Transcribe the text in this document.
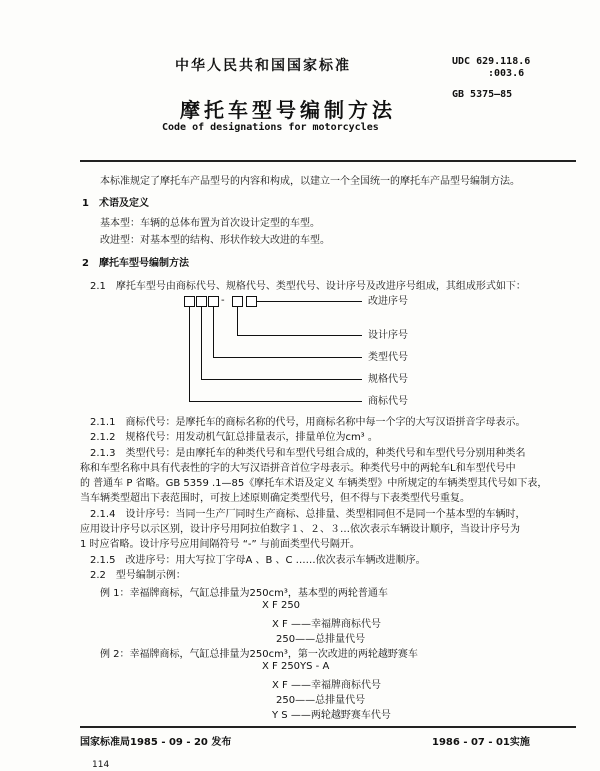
中华人民共和国国家标准	UDC 629.118.6
:003.6
GB 5375—85
摩托车型号编制方法
Code of designations for motorcycles
本标准规定了摩托车产品型号的内容和构成，以建立一个全国统一的摩托车产品型号编制方法。
1　术语及定义
基本型：车辆的总体布置为首次设计定型的车型。
改进型：对基本型的结构、形状作较大改进的车型。
2　摩托车型号编制方法
2.1　摩托车型号由商标代号、规格代号、类型代号、设计序号及改进序号组成，其组成形式如下：
-	改进序号
设计序号
类型代号
规格代号
商标代号
2.1.1　商标代号：是摩托车的商标名称的代号，用商标名称中每一个字的大写汉语拼音字母表示。
2.1.2　规格代号：用发动机气缸总排量表示，排量单位为cm³ 。
2.1.3　类型代号：是由摩托车的种类代号和车型代号组合成的，种类代号和车型代号分别用种类名
称和车型名称中具有代表性的字的大写汉语拼音首位字母表示。种类代号中的两轮车L和车型代号中
的 普通车 P 省略。GB 5359 .1—85《摩托车术语及定义 车辆类型》中所规定的车辆类型其代号如下表，
当车辆类型超出下表范围时，可按上述原则确定类型代号，但不得与下表类型代号重复。
2.1.4　设计序号：当同一生产厂同时生产商标、总排量、类型相同但不是同一个基本型的车辆时，
应用设计序号以示区别，设计序号用阿拉伯数字１、２、３…依次表示车辆设计顺序，当设计序号为
1 时应省略。设计序号应用间隔符号 “-” 与前面类型代号隔开。
2.1.5　改进序号：用大写拉丁字母A 、B 、C ……依次表示车辆改进顺序。
2.2　型号编制示例：
例 1：幸福牌商标，气缸总排量为250cm³，基本型的两轮普通车
X F 250
X F ——幸福牌商标代号
250——总排量代号
例 2：幸福牌商标，气缸总排量为250cm³，第一次改进的两轮越野赛车
X F 250YS - A
X F ——幸福牌商标代号
250——总排量代号
Y S ——两轮越野赛车代号
国家标准局1985 - 09 - 20 发布	1986 - 07 - 01实施
114
